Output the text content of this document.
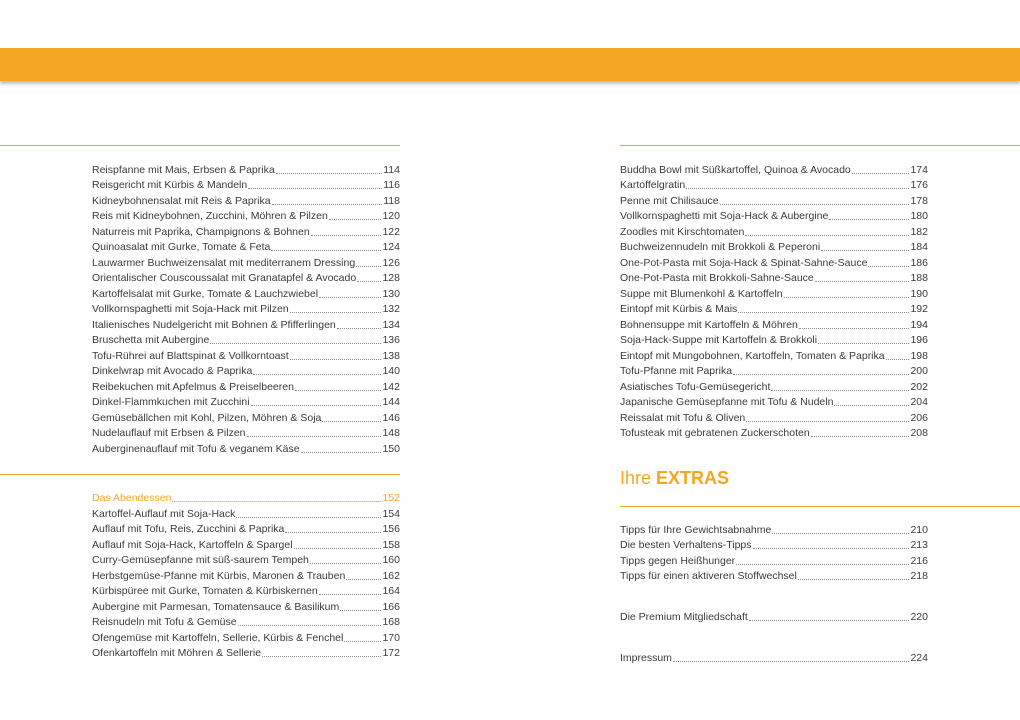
Reispfanne mit Mais, Erbsen & Paprika	114
Reisgericht mit Kürbis & Mandeln	116
Kidneybohnensalat mit Reis & Paprika	118
Reis mit Kidneybohnen, Zucchini, Möhren & Pilzen	120
Naturreis mit Paprika, Champignons & Bohnen	122
Quinoasalat mit Gurke, Tomate & Feta	124
Lauwarmer Buchweizensalat mit mediterranem Dressing	126
Orientalischer Couscoussalat mit Granatapfel & Avocado	128
Kartoffelsalat mit Gurke, Tomate & Lauchzwiebel	130
Vollkornspaghetti mit Soja-Hack mit Pilzen	132
Italienisches Nudelgericht mit Bohnen & Pfifferlingen	134
Bruschetta mit Aubergine	136
Tofu-Rührei auf Blattspinat & Vollkorntoast	138
Dinkelwrap mit Avocado & Paprika	140
Reibekuchen mit Apfelmus & Preiselbeeren	142
Dinkel-Flammkuchen mit Zucchini	144
Gemüsebällchen mit Kohl, Pilzen, Möhren & Soja	146
Nudelauflauf mit Erbsen & Pilzen	148
Auberginenauflauf mit Tofu & veganem Käse	150
Das Abendessen	152
Kartoffel-Auflauf mit Soja-Hack	154
Auflauf mit Tofu, Reis, Zucchini & Paprika	156
Auflauf mit Soja-Hack, Kartoffeln & Spargel	158
Curry-Gemüsepfanne mit süß-saurem Tempeh	160
Herbstgemüse-Pfanne mit Kürbis, Maronen & Trauben	162
Kürbispüree mit Gurke, Tomaten & Kürbiskernen	164
Aubergine mit Parmesan, Tomatensauce & Basilikum	166
Reisnudeln mit Tofu & Gemüse	168
Ofengemüse mit Kartoffeln, Sellerie, Kürbis & Fenchel	170
Ofenkartoffeln mit Möhren & Sellerie	172
Buddha Bowl mit Süßkartoffel, Quinoa & Avocado	174
Kartoffelgratin	176
Penne mit Chilisauce	178
Vollkornspaghetti mit Soja-Hack & Aubergine	180
Zoodles mit Kirschtomaten	182
Buchweizennudeln mit Brokkoli & Peperoni	184
One-Pot-Pasta mit Soja-Hack & Spinat-Sahne-Sauce	186
One-Pot-Pasta mit Brokkoli-Sahne-Sauce	188
Suppe mit Blumenkohl & Kartoffeln	190
Eintopf mit Kürbis & Mais	192
Bohnensuppe mit Kartoffeln & Möhren	194
Soja-Hack-Suppe mit Kartoffeln & Brokkoli	196
Eintopf mit Mungobohnen, Kartoffeln, Tomaten & Paprika 198
Tofu-Pfanne mit Paprika	200
Asiatisches Tofu-Gemüsegericht	202
Japanische Gemüsepfanne mit Tofu & Nudeln	204
Reissalat mit Tofu & Oliven	206
Tofusteak mit gebratenen Zuckerschoten	208
Ihre EXTRAS
Tipps für Ihre Gewichtsabnahme	210
Die besten Verhaltens-Tipps	213
Tipps gegen Heißhunger	216
Tipps für einen aktiveren Stoffwechsel	218
Die Premium Mitgliedschaft	220
Impressum	224
